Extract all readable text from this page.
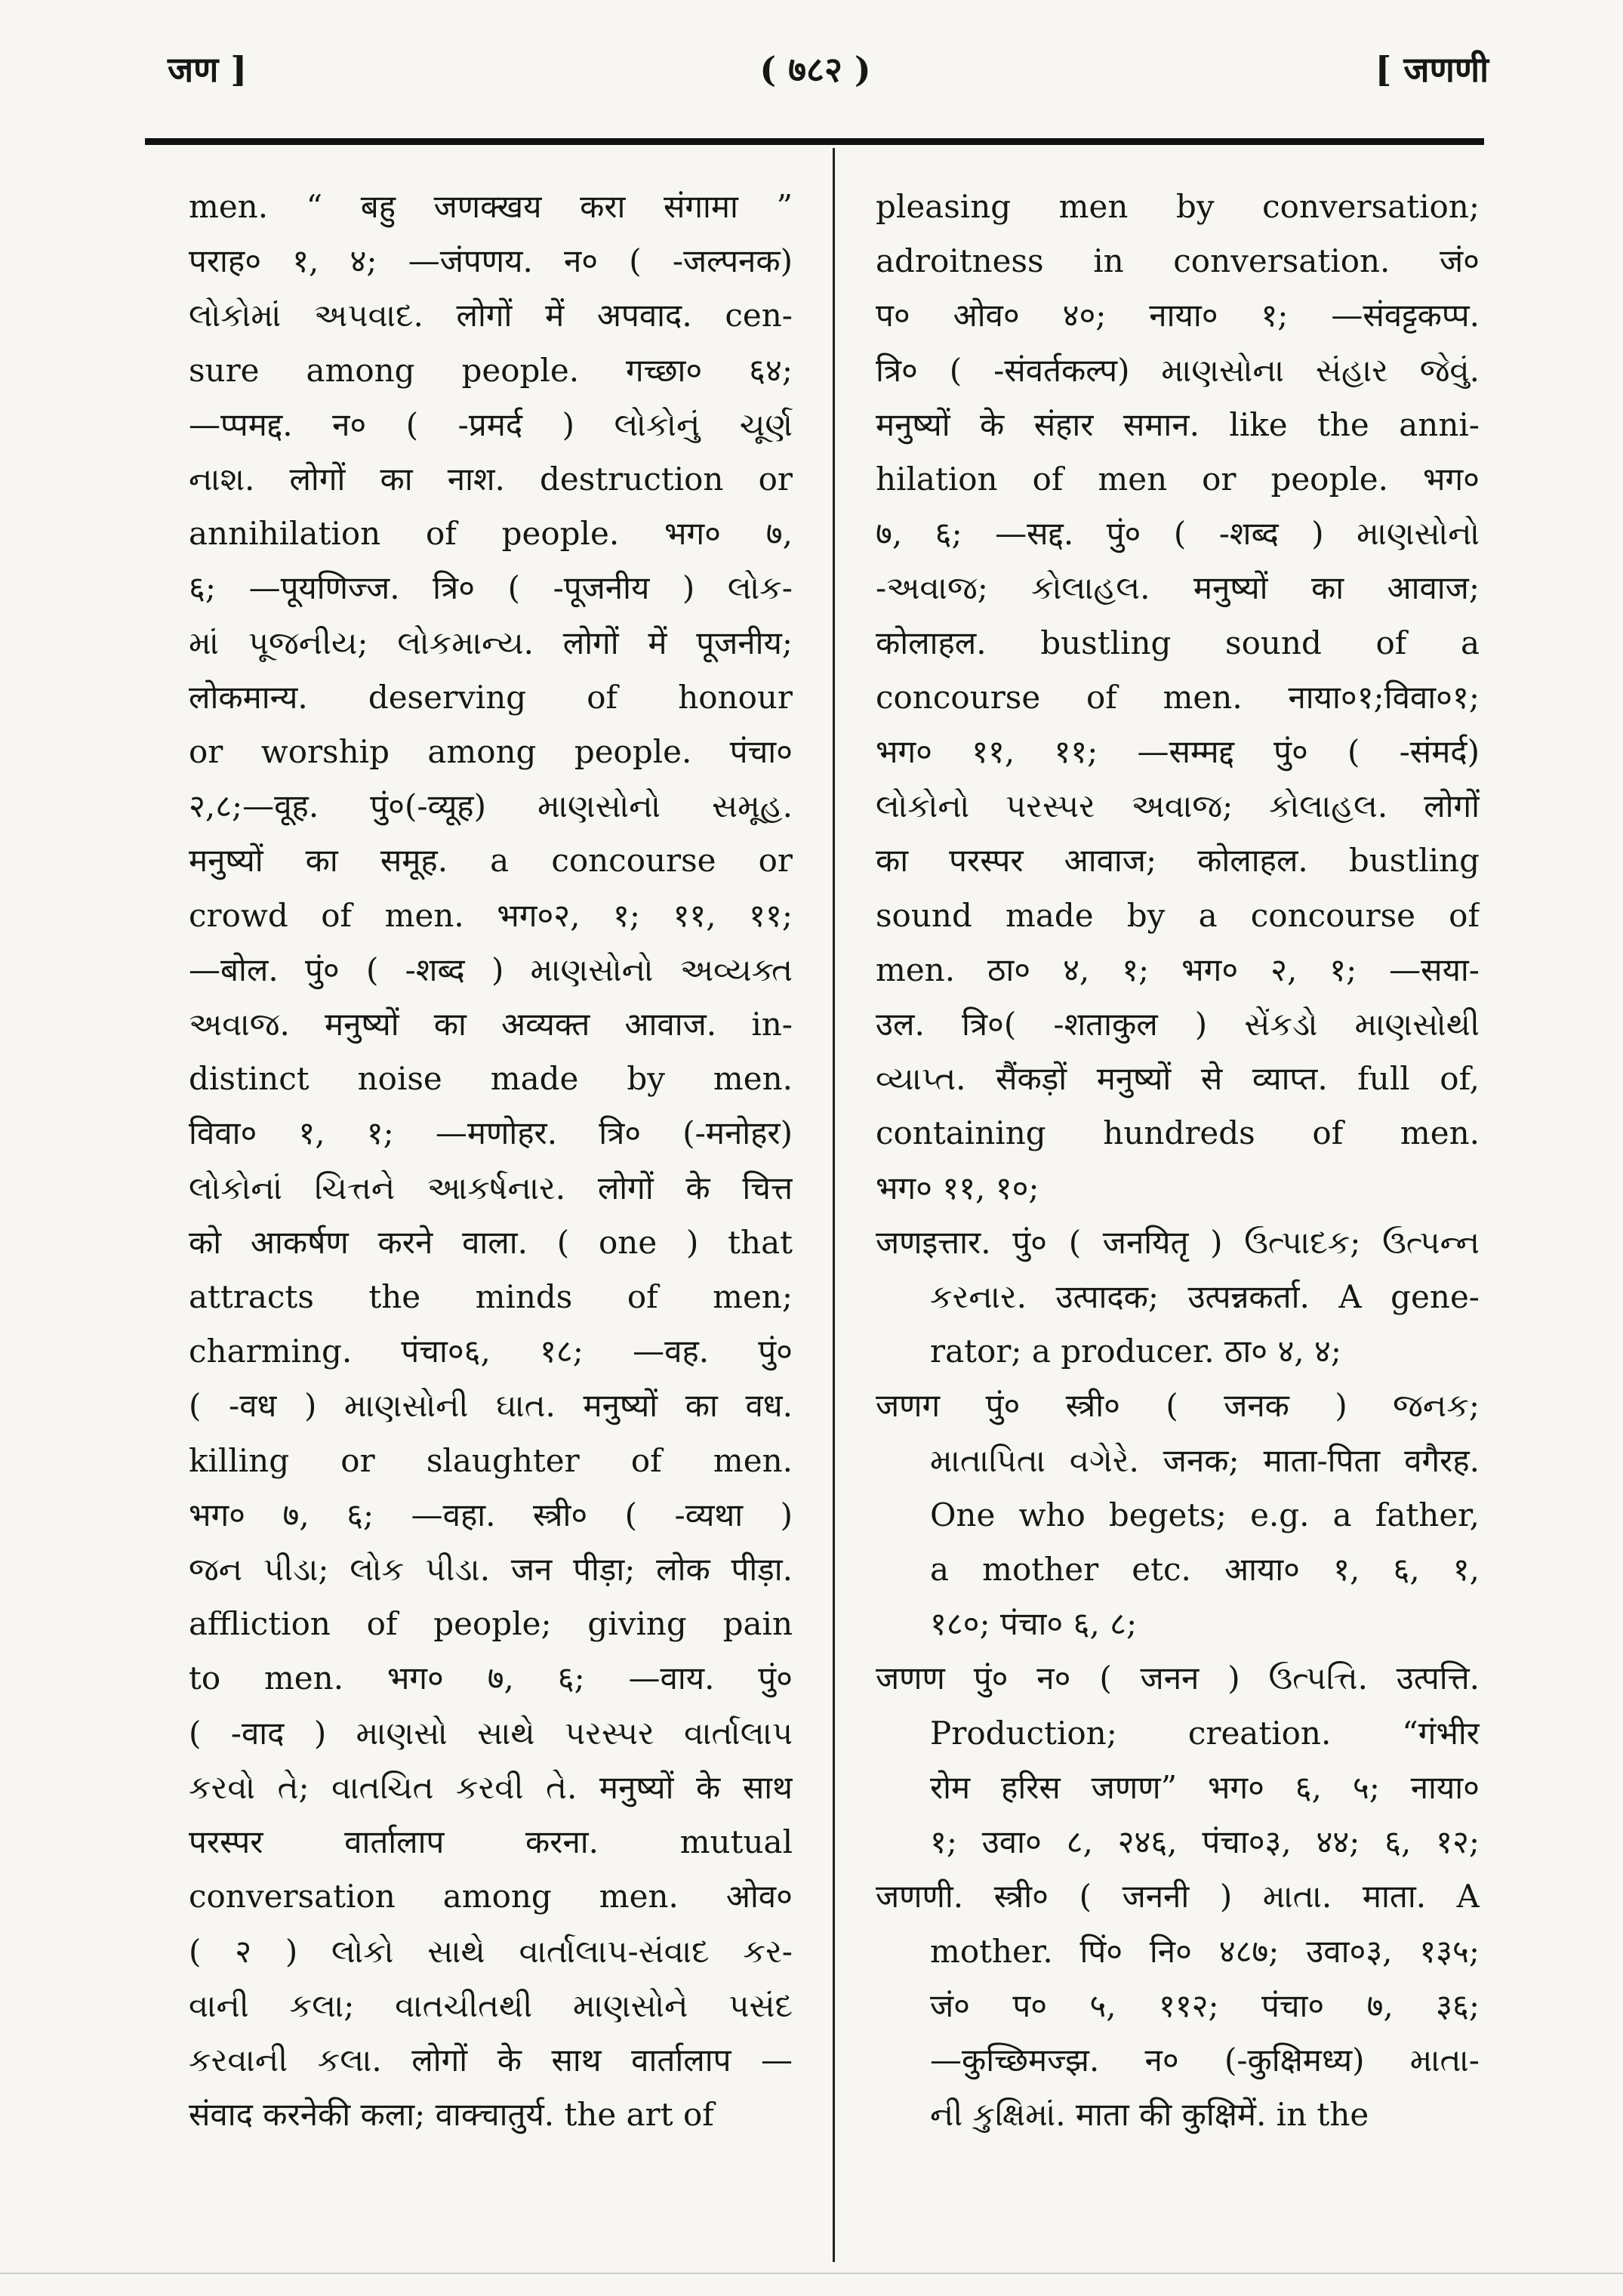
जण ]	( ७८२ )	[ जणणी
men. “ बहु जणक्खय करा संगामा ”
पराह० १, ४; —जंपणय. न० ( -जल्पनक)
લોકોમાં અપવાદ. लोगों में अपवाद. cen-
sure among people. गच्छा० ६४;
—प्पमद्द. न० ( -प्रमर्द ) લોકોનું ચૂર્ણ
નાશ. लोगों का नाश. destruction or
annihilation of people. भग० ७,
६; —पूयणिज्ज. त्रि० ( -पूजनीय ) લોક-
માં પૂજનીય; લોકમાન્ય. लोगों में पूजनीय;
लोकमान्य. deserving of honour
or worship among people. पंचा०
२,८;—वूह. पुं०(-व्यूह) માણસોનો સમૂહ.
मनुष्यों का समूह. a concourse or
crowd of men. भग०२, १; ११, ११;
—बोल. पुं० ( -शब्द ) માણસોનો અવ્યક્ત
અવાજ. मनुष्यों का अव्यक्त आवाज. in-
distinct noise made by men.
विवा० १, १; —मणोहर. त्रि० (-मनोहर)
લોકોનાં ચિત્તને આકર્ષનાર. लोगों के चित्त
को आकर्षण करने वाला. ( one ) that
attracts the minds of men;
charming. पंचा०६, १८; —वह. पुं०
( -वध ) માણસોની ઘાત. मनुष्यों का वध.
killing or slaughter of men.
भग० ७, ६; —वहा. स्त्री० ( -व्यथा )
જન પીડા; લોક પીડા. जन पीड़ा; लोक पीड़ा.
affliction of people; giving pain
to men. भग० ७, ६; —वाय. पुं०
( -वाद ) માણસો સાથે પરસ્પર વાર્તાલાપ
કરવો તે; વાતચિત કરવી તે. मनुष्यों के साथ
परस्पर वार्तालाप करना. mutual
conversation among men. ओव०
( २ ) લોકો સાથે વાર્તાલાપ-સંવાદ કર-
વાની કલા; વાતચીતથી માણસોને પસંદ
કરવાની કલા. लोगों के साथ वार्तालाप —
संवाद करनेकी कला; वाक्चातुर्य. the art of
pleasing men by conversation;
adroitness in conversation. जं०
प० ओव० ४०; नाया० १; —संवट्टकप्प.
त्रि० ( -संवर्तकल्प) માણસોના સંહાર જેવું.
मनुष्यों के संहार समान. like the anni-
hilation of men or people. भग०
७, ६; —सद्द. पुं० ( -शब्द ) માણસોનો
-અવાજ; કોલાહલ. मनुष्यों का आवाज;
कोलाहल. bustling sound of a
concourse of men. नाया०१;विवा०१;
भग० ११, ११; —सम्मद्द पुं० ( -संमर्द)
લોકોનો પરસ્પર અવાજ; કોલાહલ. लोगों
का परस्पर आवाज; कोलाहल. bustling
sound made by a concourse of
men. ठा० ४, १; भग० २, १; —सया-
उल. त्रि०( -शताकुल ) સેંકડો માણસોથી
વ્યાપ્ત. सैंकड़ों मनुष्यों से व्याप्त. full of,
containing hundreds of men.
भग० ११, १०;
जणइत्तार. पुं० ( जनयितृ ) ઉત્પાદક; ઉત્પન્ન
કરનાર. उत्पादक; उत्पन्नकर्ता. A gene-
rator; a producer. ठा० ४, ४;
जणग पुं० स्त्री० ( जनक ) જનક;
માતાપિતા વગેરે. जनक; माता-पिता वगैरह.
One who begets; e.g. a father,
a mother etc. आया० १, ६, १,
१८०; पंचा० ६, ८;
जणण पुं० न० ( जनन ) ઉત્પત્તિ. उत्पत्ति.
Production; creation. “गंभीर
रोम हरिस जणण” भग० ६, ५; नाया०
१; उवा० ८, २४६, पंचा०३, ४४; ६, १२;
जणणी. स्त्री० ( जननी ) માતા. माता. A
mother. पिं० नि० ४८७; उवा०३, १३५;
जं० प० ५, ११२; पंचा० ७, ३६;
—कुच्छिमज्झ. न० (-कुक्षिमध्य) માતા-
ની કુક્ષિમાં. माता की कुक्षिमें. in the
